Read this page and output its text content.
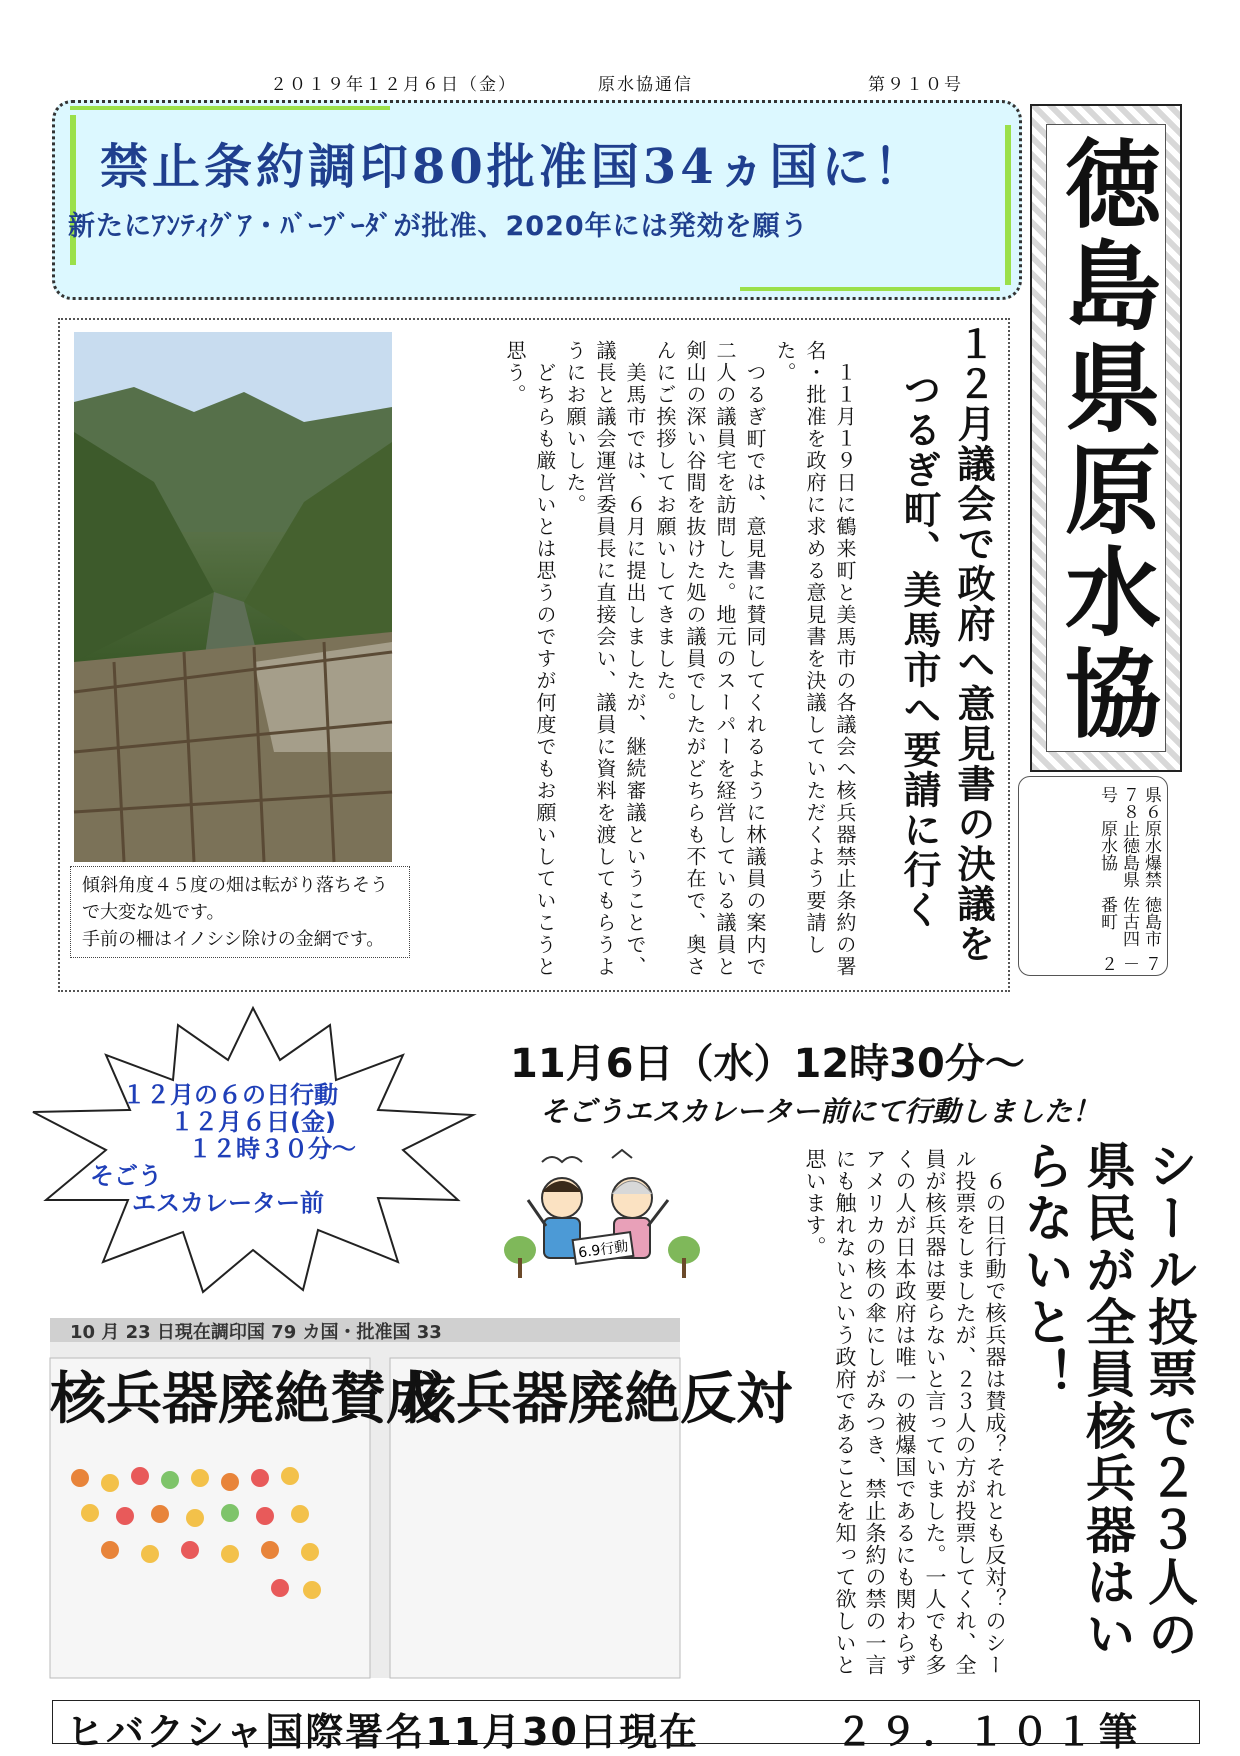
２０１９年１２月６日（金）	原水協通信	第９１０号
禁止条約調印80批准国34ヵ国に！
新たにｱﾝﾃｨｸﾞｱ・ﾊﾞｰﾌﾞｰﾀﾞが批准、2020年には発効を願う	徳島県原水協
県６７８号
原水爆禁止徳島県原水協
徳島市佐古四番町
７－２
傾斜角度４５度の畑は転がり落ちそうで大変な処です。
手前の柵はイノシシ除けの金網です。	　１１月１９日に鶴来町と美馬市の各議会へ核兵器禁止条約の署名・批准を政府に求める意見書を決議していただくよう要請した。

　つるぎ町では、意見書に賛同してくれるように林議員の案内で二人の議員宅を訪問した。地元のスーパーを経営している議員と剣山の深い谷間を抜けた処の議員でしたがどちらも不在で、奥さんにご挨拶してお願いしてきました。

　美馬市では、６月に提出しましたが、継続審議ということで、議長と議会運営委員長に直接会い、議員に資料を渡してもらうようにお願いした。

　どちらも厳しいとは思うのですが何度でもお願いしていこうと思う。	１２月議会で政府へ意見書の決議を
つるぎ町、美馬市へ要請に行く
１２月の６の日行動
１２月６日(金)
１２時３０分～
そごう
エスカレーター前
11月6日（水）12時30分～
そごうエスカレーター前にて行動しました！
6.9行動	シール投票で２３人の
県民が全員核兵器はい
らないと！

　６の日行動で核兵器は賛成？それとも反対？のシール投票をしましたが、２３人の方が投票してくれ、全員が核兵器は要らないと言っていました。一人でも多くの人が日本政府は唯一の被爆国であるにも関わらずアメリカの核の傘にしがみつき、禁止条約の禁の一言にも触れないという政府であることを知って欲しいと思います。

10 月 23 日現在調印国 79 カ国・批准国 33
核兵器廃絶賛成
核兵器廃絶反対
ヒバクシャ国際署名11月30日現在	２９．１０１筆
